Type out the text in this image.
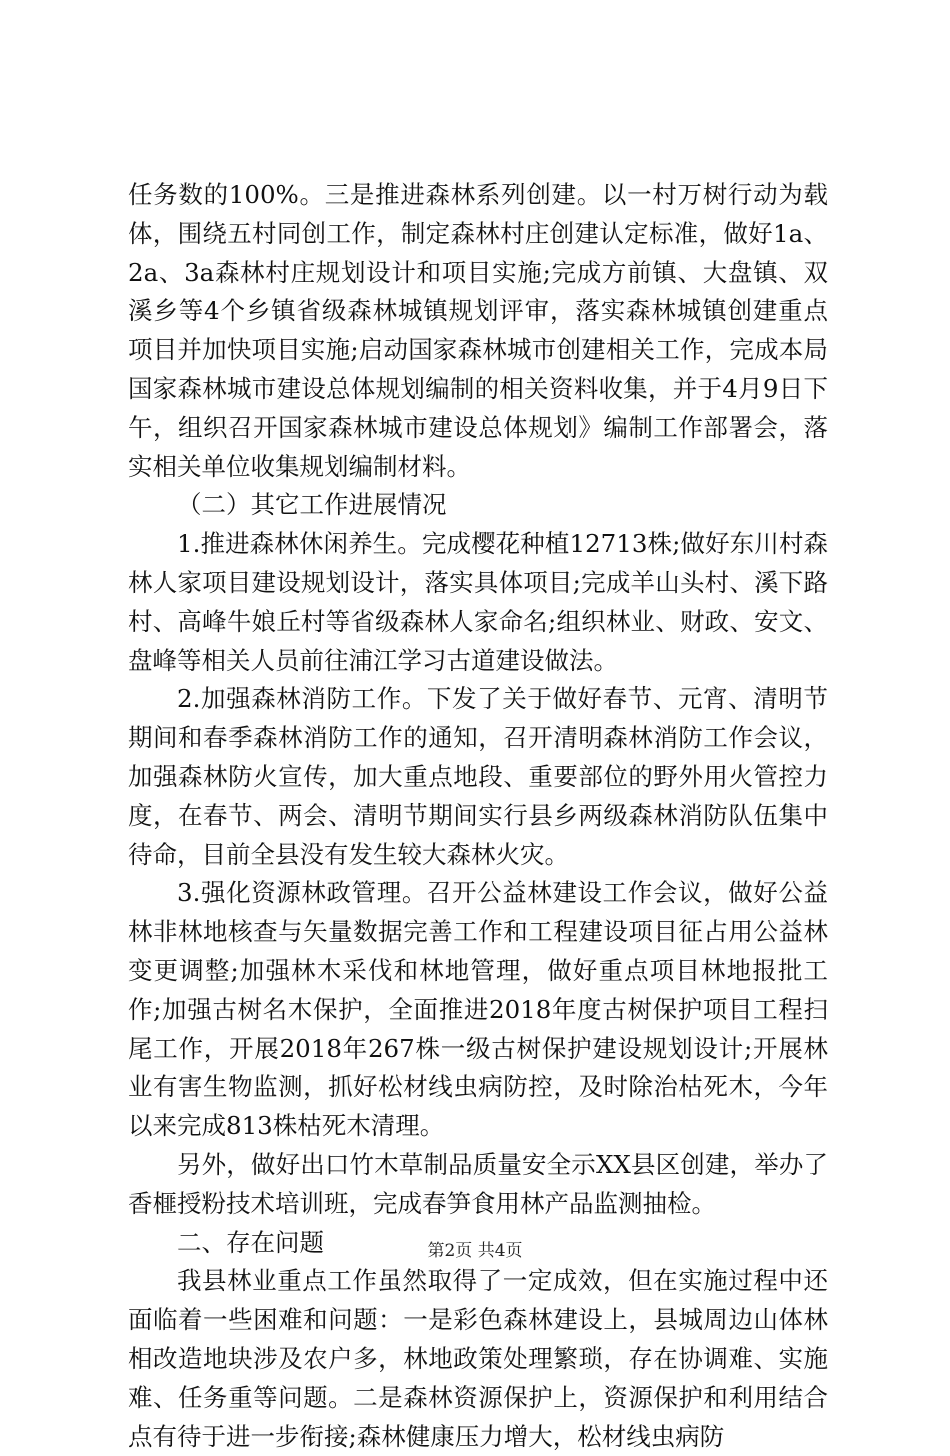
任务数的100%。三是推进森林系列创建。以一村万树行动为载体，围绕五村同创工作，制定森林村庄创建认定标准，做好1a、2a、3a森林村庄规划设计和项目实施;完成方前镇、大盘镇、双溪乡等4个乡镇省级森林城镇规划评审，落实森林城镇创建重点项目并加快项目实施;启动国家森林城市创建相关工作，完成本局国家森林城市建设总体规划编制的相关资料收集，并于4月9日下午，组织召开国家森林城市建设总体规划》编制工作部署会，落实相关单位收集规划编制材料。

（二）其它工作进展情况

1.推进森林休闲养生。完成樱花种植12713株;做好东川村森林人家项目建设规划设计，落实具体项目;完成羊山头村、溪下路村、高峰牛娘丘村等省级森林人家命名;组织林业、财政、安文、盘峰等相关人员前往浦江学习古道建设做法。

2.加强森林消防工作。下发了关于做好春节、元宵、清明节期间和春季森林消防工作的通知，召开清明森林消防工作会议，加强森林防火宣传，加大重点地段、重要部位的野外用火管控力度，在春节、两会、清明节期间实行县乡两级森林消防队伍集中待命，目前全县没有发生较大森林火灾。

3.强化资源林政管理。召开公益林建设工作会议，做好公益林非林地核查与矢量数据完善工作和工程建设项目征占用公益林变更调整;加强林木采伐和林地管理，做好重点项目林地报批工作;加强古树名木保护，全面推进2018年度古树保护项目工程扫尾工作，开展2018年267株一级古树保护建设规划设计;开展林业有害生物监测，抓好松材线虫病防控，及时除治枯死木，今年以来完成813株枯死木清理。

另外，做好出口竹木草制品质量安全示XX县区创建，举办了香榧授粉技术培训班，完成春笋食用林产品监测抽检。

二、存在问题

我县林业重点工作虽然取得了一定成效，但在实施过程中还面临着一些困难和问题：一是彩色森林建设上，县城周边山体林相改造地块涉及农户多，林地政策处理繁琐，存在协调难、实施难、任务重等问题。二是森林资源保护上，资源保护和利用结合点有待于进一步衔接;森林健康压力增大，松材线虫病防

第2页 共4页
